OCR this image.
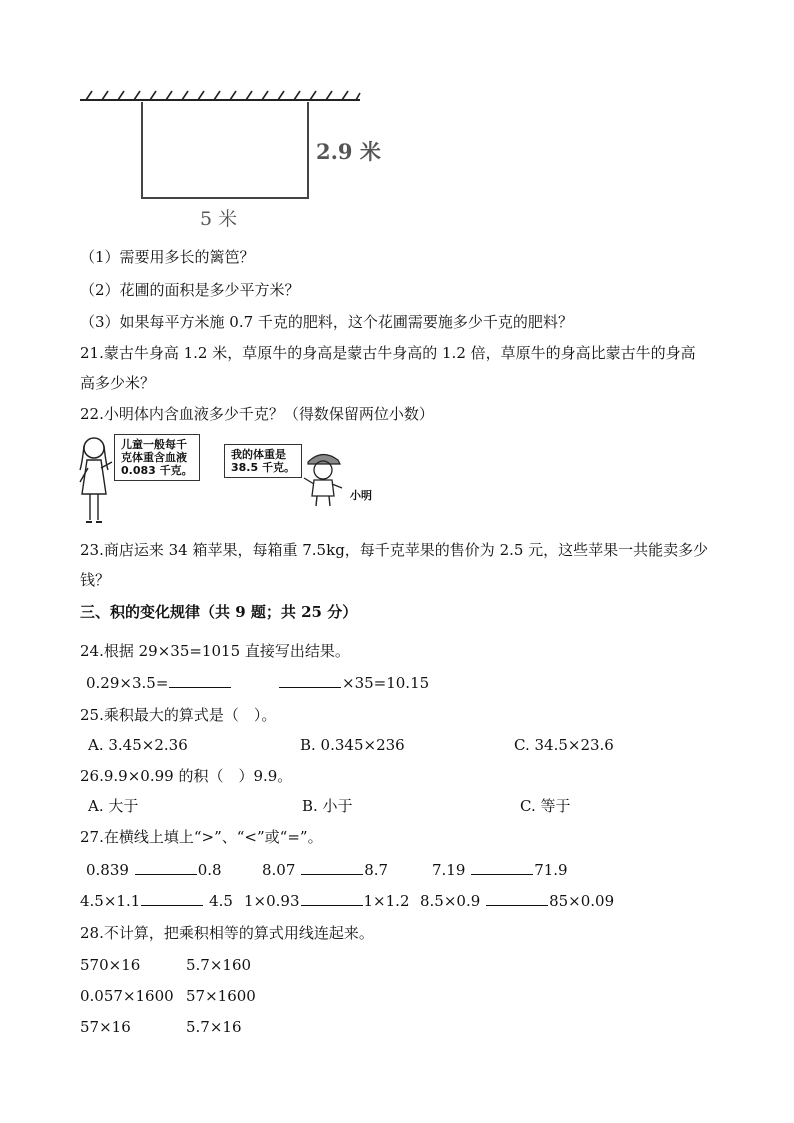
2.9 米
5 米
（1）需要用多长的篱笆？
（2）花圃的面积是多少平方米？
（3）如果每平方米施 0.7 千克的肥料，这个花圃需要施多少千克的肥料？
21.蒙古牛身高 1.2 米，草原牛的身高是蒙古牛身高的 1.2 倍，草原牛的身高比蒙古牛的身高
高多少米？
22.小明体内含血液多少千克？（得数保留两位小数）
儿童一般每千
克体重含血液
0.083 千克。
我的体重是
38.5 千克。
小明
23.商店运来 34 箱苹果，每箱重 7.5kg，每千克苹果的售价为 2.5 元，这些苹果一共能卖多少
钱？
三、积的变化规律（共 9 题；共 25 分）
24.根据 29×35=1015 直接写出结果。
0.29×3.5=	×35=10.15
25.乘积最大的算式是（　）。
A. 3.45×2.36	B. 0.345×236	C. 34.5×23.6
26.9.9×0.99 的积（　）9.9。
A. 大于	B. 小于	C. 等于
27.在横线上填上“>”、“<”或“=”。
0.839	0.8	8.07	8.7	7.19	71.9
4.5×1.1	4.5 1×0.93	1×1.2 8.5×0.9	85×0.09
28.不计算，把乘积相等的算式用线连起来。
570×16	5.7×160
0.057×1600 57×1600
57×16	5.7×16
